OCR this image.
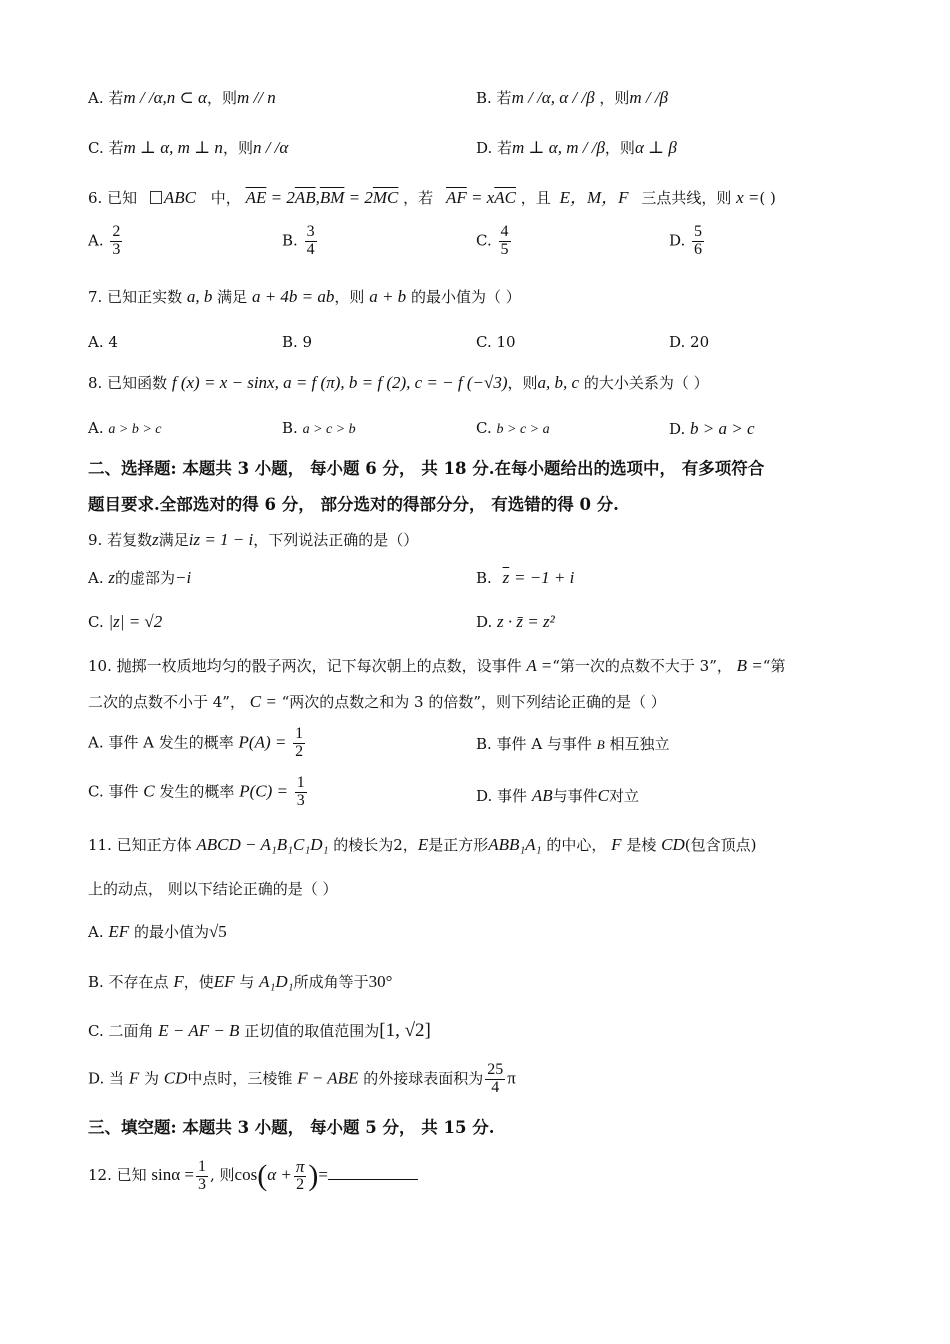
A. 若m / /α,n ⊂ α，则m // n	B. 若m / /α, α / /β ，则m / /β
C. 若m ⊥ α, m ⊥ n，则n / /α	D. 若m ⊥ α, m / /β，则α ⊥ β
6. 已知 ABC 中， $\overline{AE} = 2\overline{AB},\overline{BM} = 2\overline{MC}$ ，若 $\overline{AF} = x\overline{AC}$ ，且 E，M，F 三点共线，则 x =( )
A. $\frac{2}{3}$	B. $\frac{3}{4}$	C. $\frac{4}{5}$	D. $\frac{5}{6}$
7. 已知正实数 a, b 满足 a + 4b = ab，则 a + b 的最小值为（ ）
A. 4	B. 9	C. 10	D. 20
8. 已知函数 f (x) = x − sinx, a = f (π), b = f (2), c = − f (−√3)，则a, b, c 的大小关系为（ ）
A. a > b > c	B. a > c > b	C. b > c > a	D. b > a > c
二、选择题: 本题共 3 小题， 每小题 6 分， 共 18 分.在每小题给出的选项中， 有多项符合
题目要求.全部选对的得 6 分， 部分选对的得部分分， 有选错的得 0 分.
9. 若复数z满足iz = 1 − i，下列说法正确的是（）
A. z的虚部为−i	B. $\overline{z} = -1 + i$
C. |z| = √2	D. z · z̄ = z²
10. 抛掷一枚质地均匀的骰子两次，记下每次朝上的点数，设事件 A =“第一次的点数不大于 3”， B =“第
二次的点数不小于 4”， C = “两次的点数之和为 3 的倍数”，则下列结论正确的是（ ）
A. 事件 A 发生的概率 $P(A) = \frac{1}{2}$	B. 事件 A 与事件 B 相互独立
C. 事件 C 发生的概率 $P(C) = \frac{1}{3}$	D. 事件 AB与事件C对立
11. 已知正方体 ABCD − A₁B₁C₁D₁ 的棱长为2，E是正方形ABB₁A₁ 的中心， F 是棱 CD(包含顶点)
上的动点， 则以下结论正确的是（ ）
A. EF 的最小值为√5
B. 不存在点 F，使EF 与 A₁D₁所成角等于30°
C. 二面角 E − AF − B 正切值的取值范围为[1, √2]
D. 当 F 为 CD中点时，三棱锥 F − ABE 的外接球表面积为 $\frac{25}{4}$ π
三、填空题: 本题共 3 小题， 每小题 5 分， 共 15 分.
12. 已知 $\sin\alpha = \frac{1}{3}$ , 则$\cos(\alpha + \frac{\pi}{2}$ )=
